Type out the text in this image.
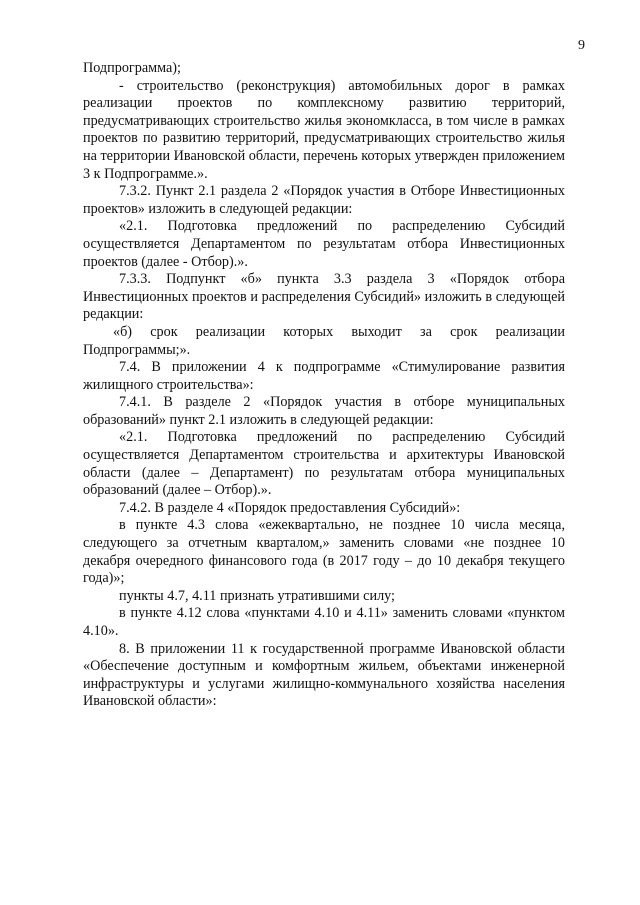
9

Подпрограмма);

- строительство (реконструкция) автомобильных дорог в рамках реализации проектов по комплексному развитию территорий, предусматривающих строительство жилья экономкласса, в том числе в рамках проектов по развитию территорий, предусматривающих строительство жилья на территории Ивановской области, перечень которых утвержден приложением 3 к Подпрограмме.».

7.3.2. Пункт 2.1 раздела 2 «Порядок участия в Отборе Инвестиционных проектов» изложить в следующей редакции:

«2.1. Подготовка предложений по распределению Субсидий осуществляется Департаментом по результатам отбора Инвестиционных проектов (далее - Отбор).».

7.3.3. Подпункт «б» пункта 3.3 раздела 3 «Порядок отбора Инвестиционных проектов и распределения Субсидий» изложить в следующей редакции:

«б) срок реализации которых выходит за срок реализации Подпрограммы;».

7.4. В приложении 4 к подпрограмме «Стимулирование развития жилищного строительства»:

7.4.1. В разделе 2 «Порядок участия в отборе муниципальных образований» пункт 2.1 изложить в следующей редакции:

«2.1. Подготовка предложений по распределению Субсидий осуществляется Департаментом строительства и архитектуры Ивановской области (далее – Департамент) по результатам отбора муниципальных образований (далее – Отбор).».

7.4.2. В разделе 4 «Порядок предоставления Субсидий»:

в пункте 4.3 слова «ежеквартально, не позднее 10 числа месяца, следующего за отчетным кварталом,» заменить словами «не позднее 10 декабря очередного финансового года (в 2017 году – до 10 декабря текущего года)»;

пункты 4.7, 4.11 признать утратившими силу;

в пункте 4.12 слова «пунктами 4.10 и 4.11» заменить словами «пунктом 4.10».

8. В приложении 11 к государственной программе Ивановской области «Обеспечение доступным и комфортным жильем, объектами инженерной инфраструктуры и услугами жилищно-коммунального хозяйства населения Ивановской области»:
